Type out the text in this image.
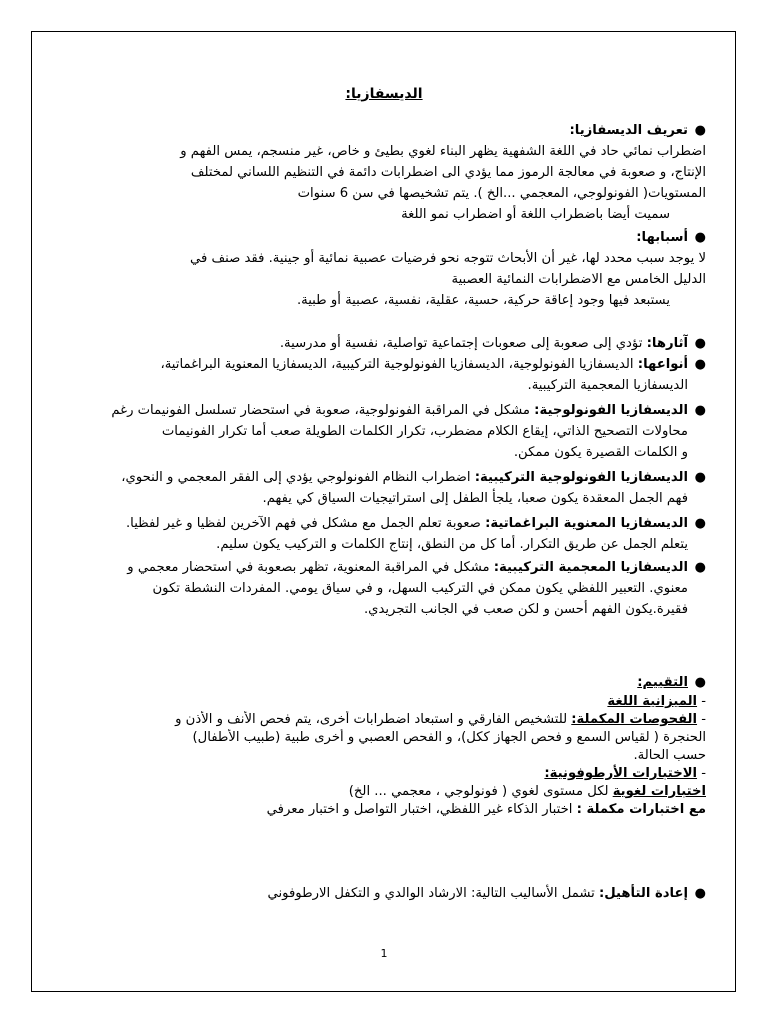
الديسفازيا:
●
تعريف الديسفازيا:
اضطراب نمائي حاد في اللغة الشفهية يظهر البناء لغوي بطيئ و خاص، غير منسجم، يمس الفهم و
الإنتاج، و صعوبة في معالجة الرموز مما يؤدي الى اضطرابات دائمة في التنظيم اللساني لمختلف
المستويات( الفونولوجي، المعجمي ...الخ ). يتم تشخيصها في سن 6 سنوات
سميت أيضا باضطراب اللغة أو اضطراب نمو اللغة
●
أسبابها:
لا يوجد سبب محدد لها، غير أن الأبحاث تتوجه نحو فرضيات عصبية نمائية أو جينية. فقد صنف في
الدليل الخامس مع الاضطرابات النمائية العصبية
يستبعد فيها وجود إعاقة حركية، حسية، عقلية، نفسية، عصبية أو طبية.
●
آثارها: تؤدي إلى صعوبة إلى صعوبات إجتماعية تواصلية، نفسية أو مدرسية.
●
أنواعها: الديسفازيا الفونولوجية، الديسفازيا الفونولوجية التركيبية، الديسفازيا المعنوية البراغماتية،
الديسفازيا المعجمية التركيبية.
●
الديسفازيا الفونولوجية: مشكل في المراقبة الفونولوجية، صعوبة في استحضار تسلسل الفونيمات رغم
محاولات التصحيح الذاتي، إيقاع الكلام مضطرب، تكرار الكلمات الطويلة صعب أما تكرار الفونيمات
و الكلمات القصيرة يكون ممكن.
●
الديسفازيا الفونولوجية التركيبية: اضطراب النظام الفونولوجي يؤدي إلى الفقر المعجمي و النحوي،
فهم الجمل المعقدة يكون صعبا، يلجأ الطفل إلى استراتيجيات السياق كي يفهم.
●
الديسفازيا المعنوية البراغماتية: صعوبة تعلم الجمل مع مشكل في فهم الآخرين لفظيا و غير لفظيا.
يتعلم الجمل عن طريق التكرار. أما كل من النطق، إنتاج الكلمات و التركيب يكون سليم.
●
الديسفازيا المعجمية التركيبية: مشكل في المراقبة المعنوية، تظهر بصعوبة في استحضار معجمي و
معنوي. التعبير اللفظي يكون ممكن في التركيب السهل، و في سياق يومي. المفردات النشطة تكون
فقيرة.يكون الفهم أحسن و لكن صعب في الجانب التجريدي.
●
التقييم:
- الميزانية اللغة
- الفحوصات المكملة: للتشخيص الفارقي و استبعاد اضطرابات أخرى، يتم فحص الأنف و الأذن و
الحنجرة ( لقياس السمع و فحص الجهاز ككل)، و الفحص العصبي و أخرى طبية (طبيب الأطفال)
حسب الحالة.
- الاختبارات الأرطوفونية:
اختبارات لغوية لكل مستوى لغوي ( فونولوجي ، معجمي ... الخ)
مع اختبارات مكملة : اختبار الذكاء غير اللفظي، اختبار التواصل و اختبار معرفي
●
إعادة التأهيل: تشمل الأساليب التالية: الارشاد الوالدي و التكفل الارطوفوني
1
